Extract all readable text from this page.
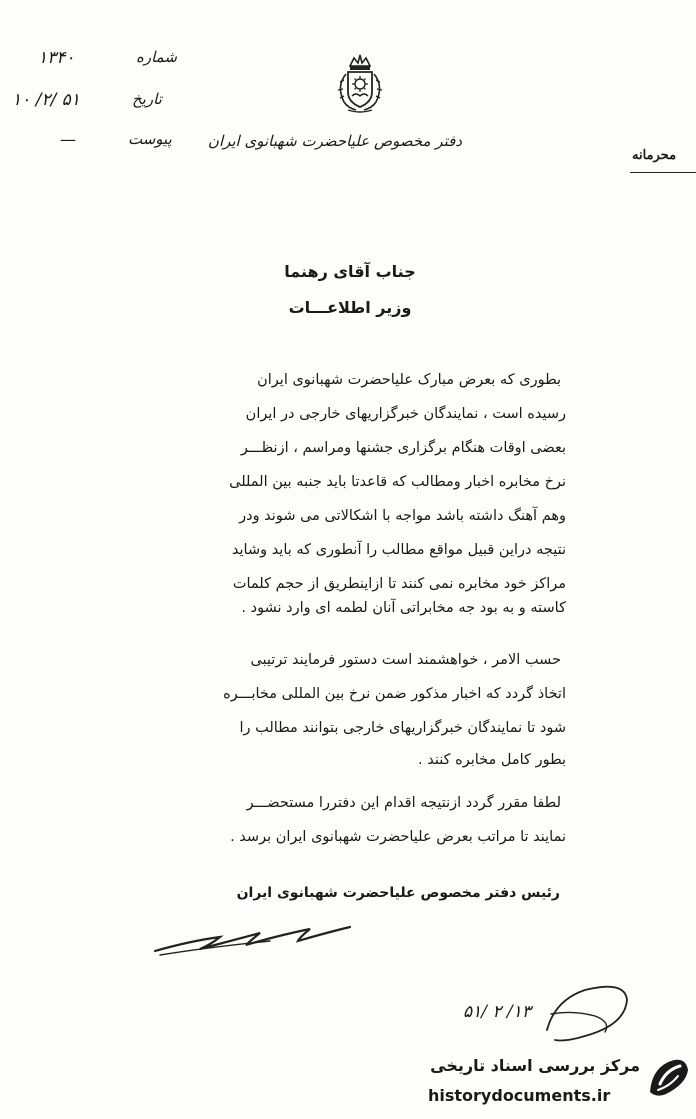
۱۳۴۰	شماره
۱۰ /۲/ ۵۱	تاریخ
—	پیوست دفتر مخصوص علیاحضرت شهبانوی ایران
محرمانه
جناب آقای رهنما
وزیر اطلاعـــات
بطوری که بعرض مبارک علیاحضرت شهبانوی ایران
رسیده است ، نمایندگان خبرگزاریهای خارجی در ایران
بعضی اوقات هنگام برگزاری جشنها ومراسم ، ازنظـــر
نرخ مخابره اخبار ومطالب که قاعدتا باید جنبه بین المللی
وهم آهنگ داشته باشد مواجه با اشکالاتی می شوند ودر
نتیجه دراین قبیل مواقع مطالب را آنطوری که باید وشاید
مراکز خود مخابره نمی کنند تا ازاینطریق از حجم کلمات
کاسته و به بود جه مخابراتی آنان لطمه ای وارد نشود .
حسب الامر ، خواهشمند است دستور فرمایند ترتیبی
اتخاذ گردد که اخبار مذکور ضمن نرخ بین المللی مخابـــره
شود تا نمایندگان خبرگزاریهای خارجی بتوانند مطالب را
بطور کامل مخابره کنند .
لطفا مقرر گردد ازنتیجه اقدام این دفتررا مستحضـــر
نمایند تا مراتب بعرض علیاحضرت شهبانوی ایران برسد .
رئیس دفتر مخصوص علیاحضرت شهبانوی ایران
۵۱/ ۲ /۱۳
مرکز بررسی اسناد تاریخی
historydocuments.ir
